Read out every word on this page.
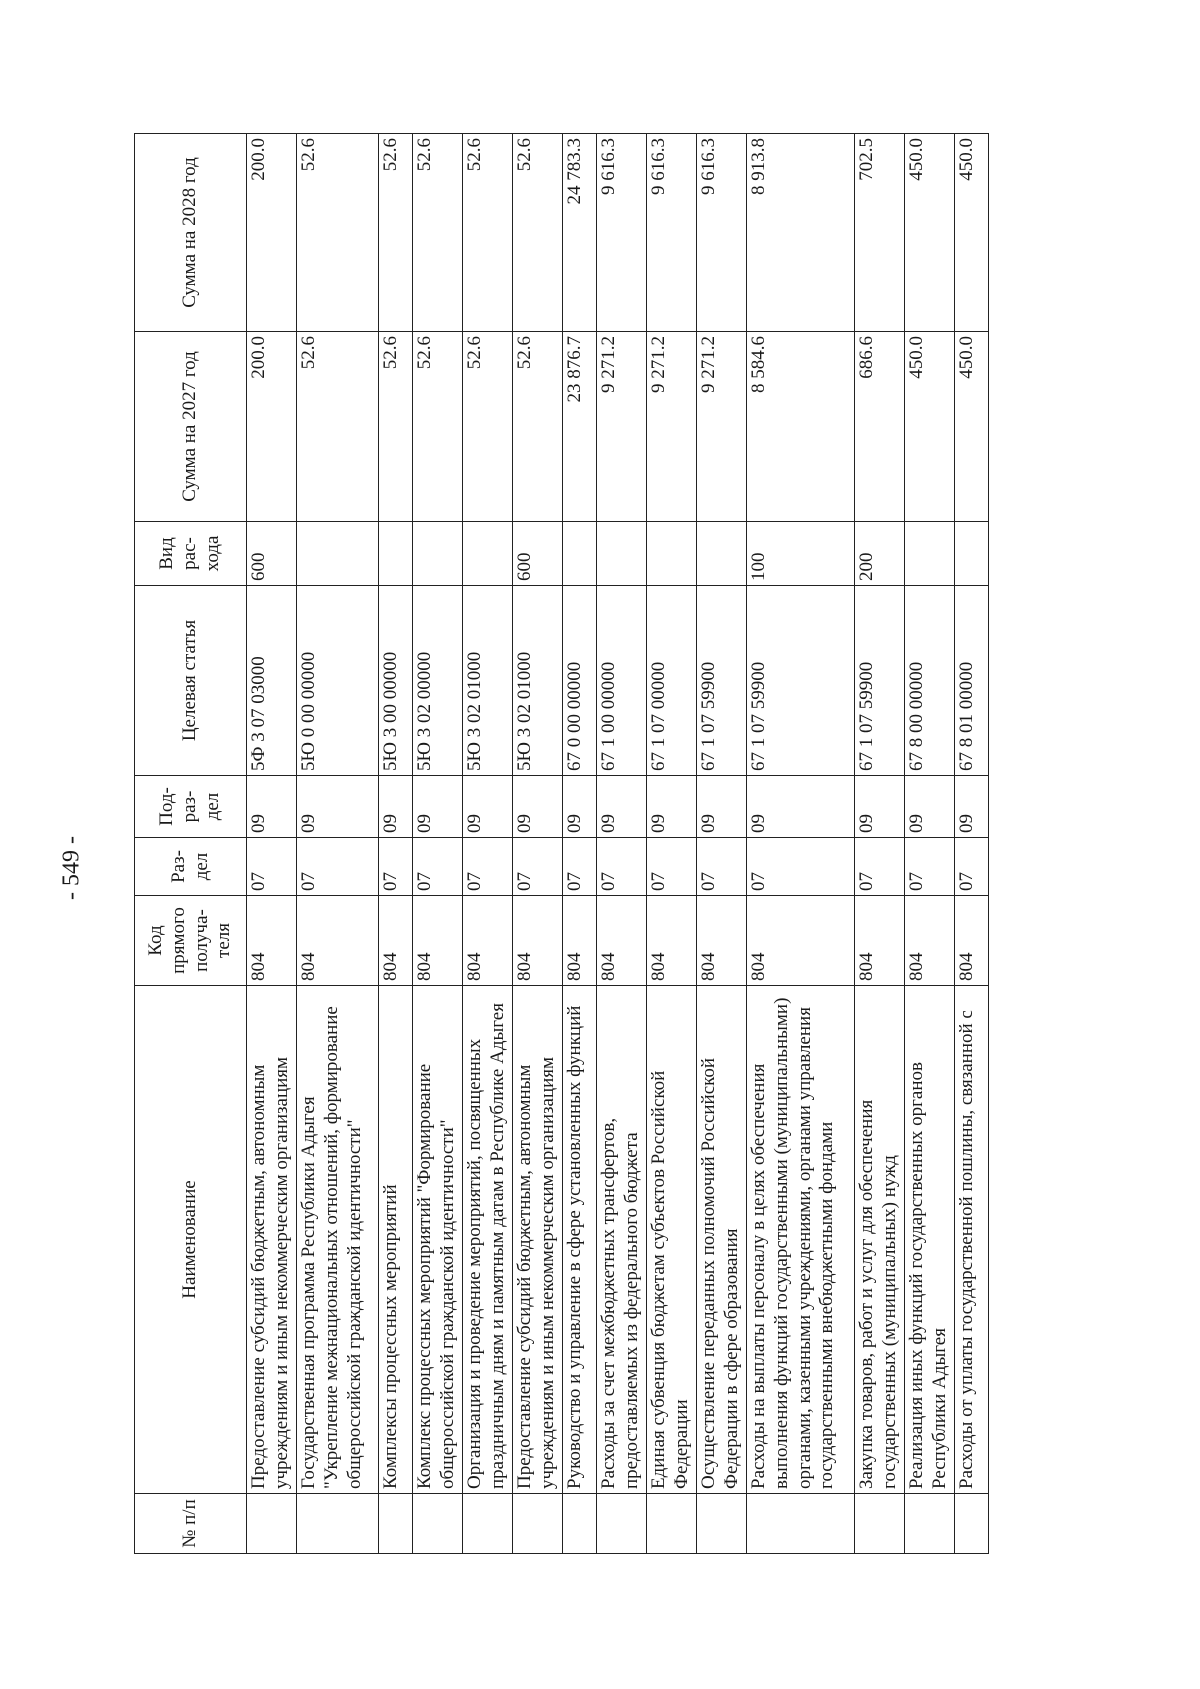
- 549 -
№ п/п	Наименование	Код прямого получа-теля	Раз-дел	Под-раз-дел	Целевая статья	Вид рас-хода	Сумма на 2027 год	Сумма на 2028 год
	Предоставление субсидий бюджетным, автономным учреждениям и иным некоммерческим организациям	804	07	09	5Ф 3 07 03000	600	200.0	200.0
	Государственная программа Республики Адыгея "Укрепление межнациональных отношений, формирование общероссийской гражданской идентичности"	804	07	09	5Ю 0 00 00000		52.6	52.6
	Комплексы процессных мероприятий	804	07	09	5Ю 3 00 00000		52.6	52.6
	Комплекс процессных мероприятий "Формирование общероссийской гражданской идентичности"	804	07	09	5Ю 3 02 00000		52.6	52.6
	Организация и проведение мероприятий, посвященных праздничным дням и памятным датам в Республике Адыгея	804	07	09	5Ю 3 02 01000		52.6	52.6
	Предоставление субсидий бюджетным, автономным учреждениям и иным некоммерческим организациям	804	07	09	5Ю 3 02 01000	600	52.6	52.6
	Руководство и управление в сфере установленных функций	804	07	09	67 0 00 00000		23 876.7	24 783.3
	Расходы за счет межбюджетных трансфертов, предоставляемых из федерального бюджета	804	07	09	67 1 00 00000		9 271.2	9 616.3
	Единая субвенция бюджетам субъектов Российской Федерации	804	07	09	67 1 07 00000		9 271.2	9 616.3
	Осуществление переданных полномочий Российской Федерации в сфере образования	804	07	09	67 1 07 59900		9 271.2	9 616.3
	Расходы на выплаты персоналу в целях обеспечения выполнения функций государственными (муниципальными) органами, казенными учреждениями, органами управления государственными внебюджетными фондами	804	07	09	67 1 07 59900	100	8 584.6	8 913.8
	Закупка товаров, работ и услуг для обеспечения государственных (муниципальных) нужд	804	07	09	67 1 07 59900	200	686.6	702.5
	Реализация иных функций государственных органов Республики Адыгея	804	07	09	67 8 00 00000		450.0	450.0
	Расходы от уплаты государственной пошлины, связанной с	804	07	09	67 8 01 00000		450.0	450.0
